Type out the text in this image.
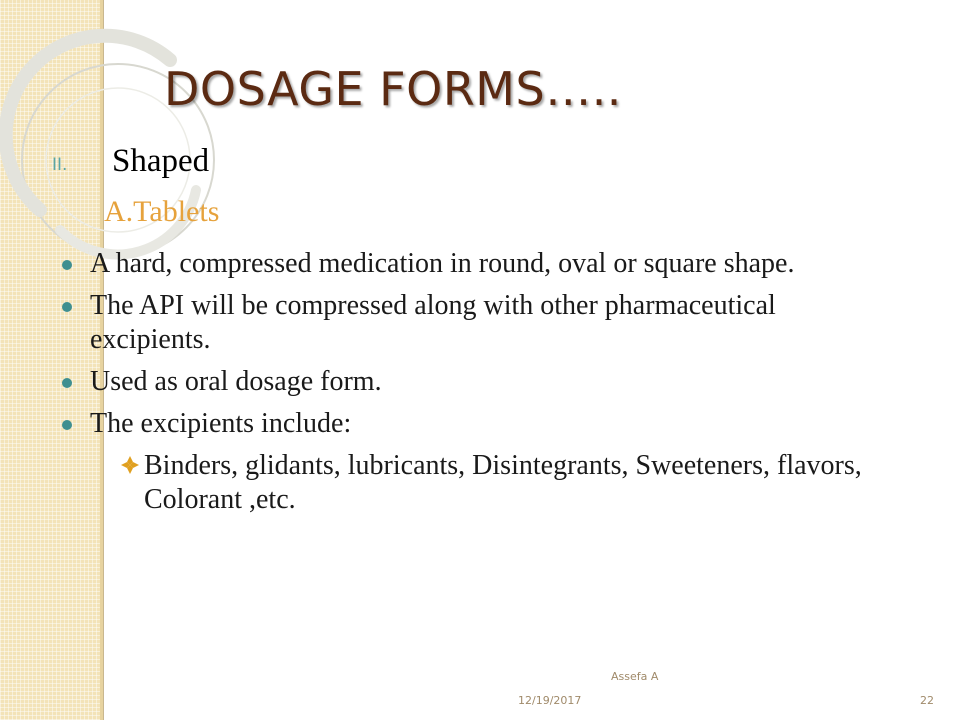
DOSAGE FORMS…..
II. Shaped
A.Tablets
A hard, compressed medication in round, oval or square shape.
The API will be compressed along with other pharmaceutical excipients.
Used as oral dosage form.
The excipients include:
Binders, glidants, lubricants, Disintegrants, Sweeteners, flavors, Colorant ,etc.
Assefa A
12/19/2017	22
